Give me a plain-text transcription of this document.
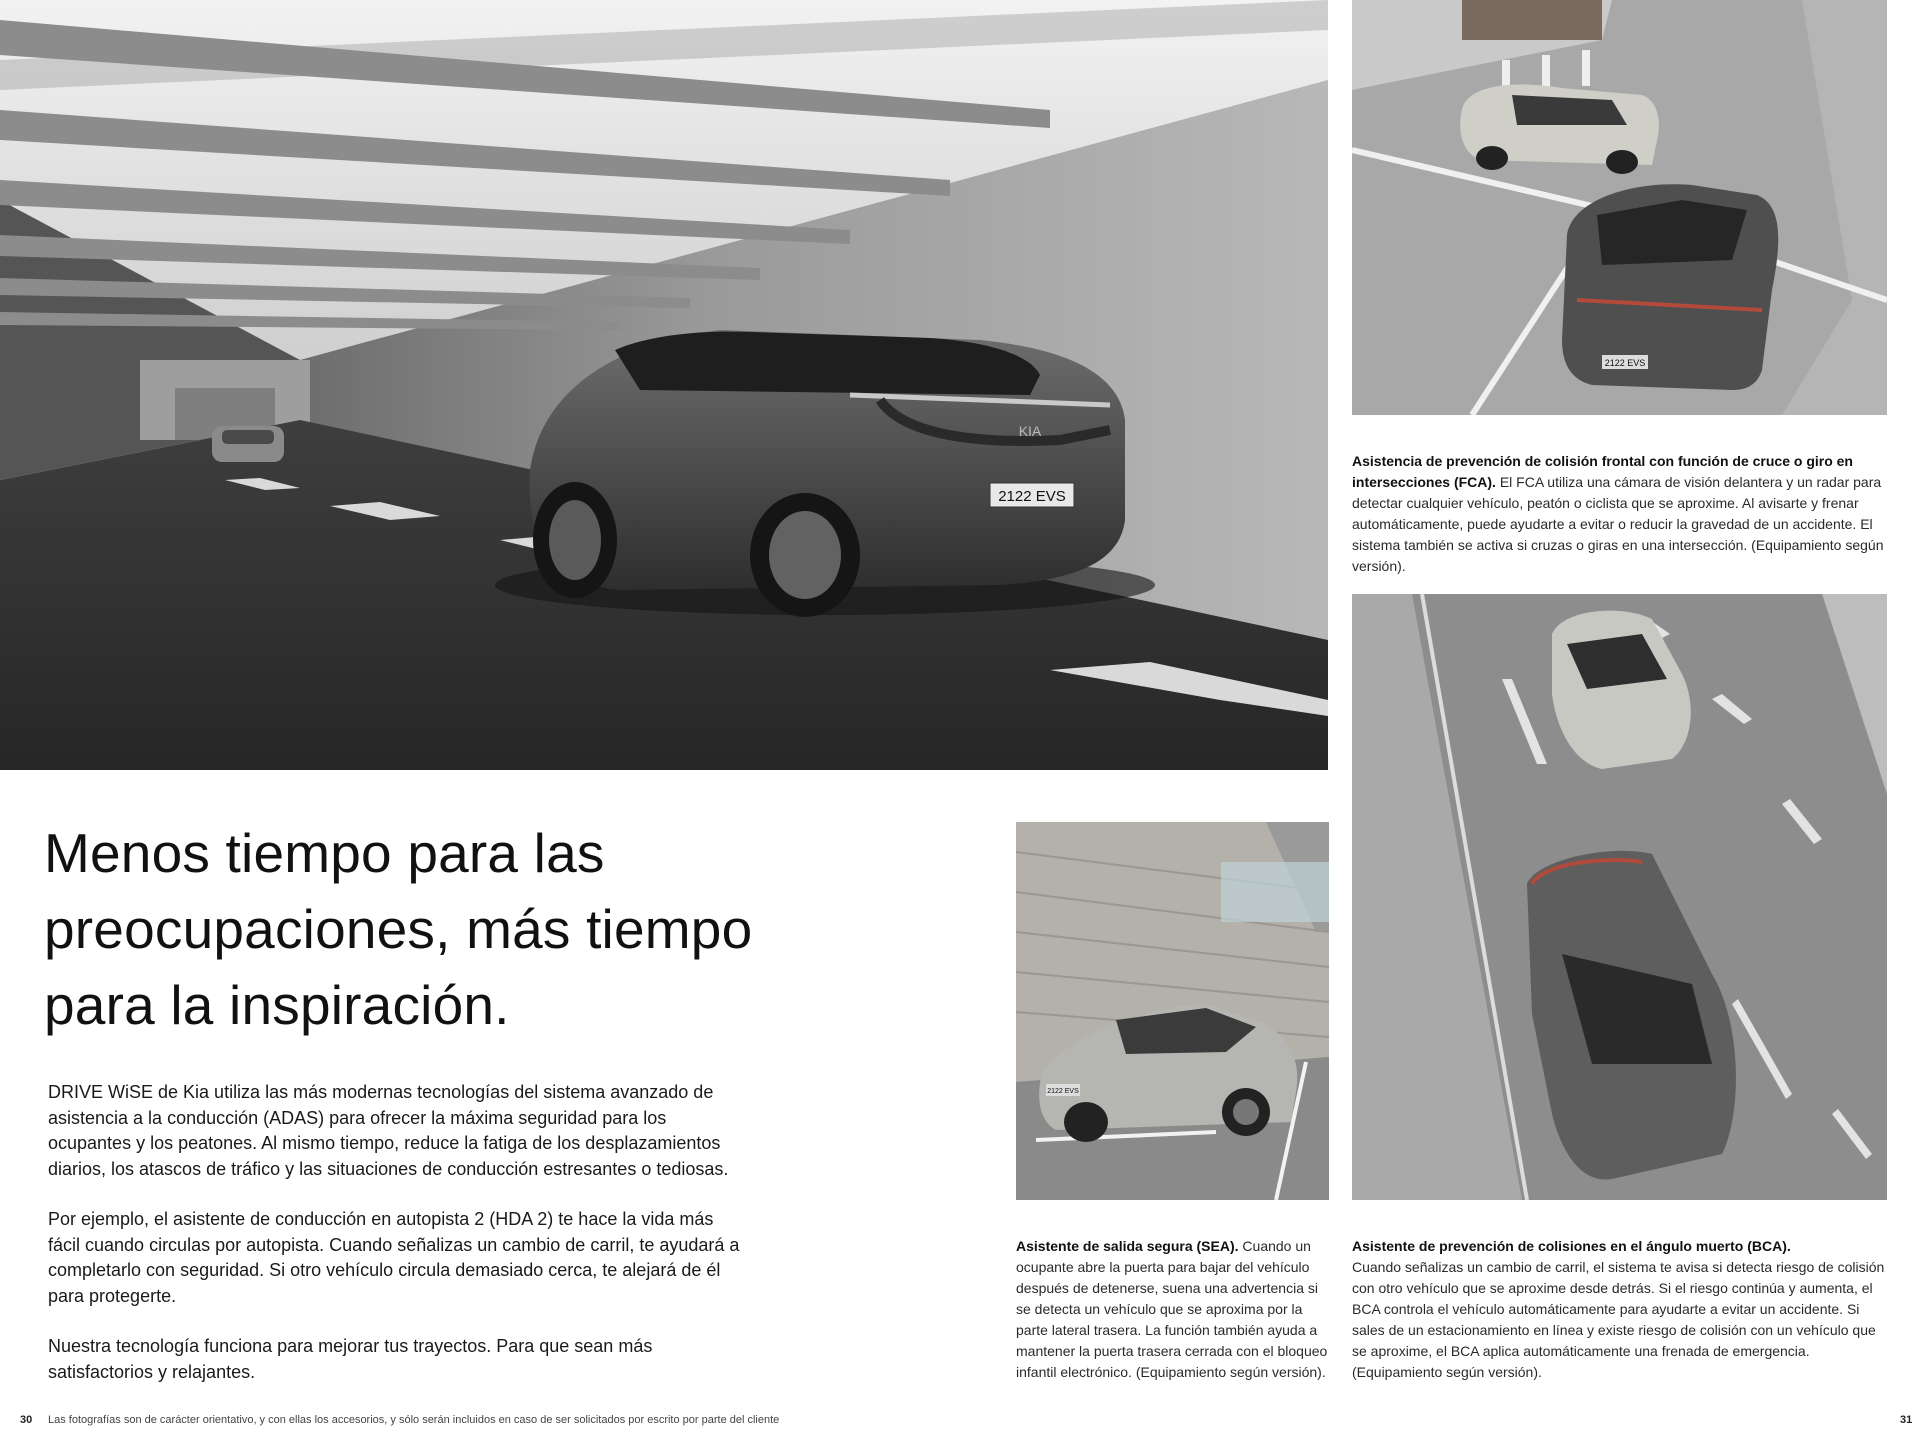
2122 EVS
KIA
2122 EVS
2122 EVS
Menos tiempo para las
preocupaciones, más tiempo
para la inspiración.

DRIVE WiSE de Kia utiliza las más modernas tecnologías del sistema avanzado de asistencia a la conducción (ADAS) para ofrecer la máxima seguridad para los ocupantes y los peatones. Al mismo tiempo, reduce la fatiga de los desplazamientos diarios, los atascos de tráfico y las situaciones de conducción estresantes o tediosas.

Por ejemplo, el asistente de conducción en autopista 2 (HDA 2) te hace la vida más fácil cuando circulas por autopista. Cuando señalizas un cambio de carril, te ayudará a completarlo con seguridad. Si otro vehículo circula demasiado cerca, te alejará de él para protegerte.

Nuestra tecnología funciona para mejorar tus trayectos. Para que sean más satisfactorios y relajantes.

Asistencia de prevención de colisión frontal con función de cruce o giro en intersecciones (FCA). El FCA utiliza una cámara de visión delantera y un radar para detectar cualquier vehículo, peatón o ciclista que se aproxime. Al avisarte y frenar automáticamente, puede ayudarte a evitar o reducir la gravedad de un accidente. El sistema también se activa si cruzas o giras en una intersección. (Equipamiento según versión).
Asistente de salida segura (SEA). Cuando un ocupante abre la puerta para bajar del vehículo después de detenerse, suena una advertencia si se detecta un vehículo que se aproxima por la parte lateral trasera. La función también ayuda a mantener la puerta trasera cerrada con el bloqueo infantil electrónico. (Equipamiento según versión).
Asistente de prevención de colisiones en el ángulo muerto (BCA).
Cuando señalizas un cambio de carril, el sistema te avisa si detecta riesgo de colisión con otro vehículo que se aproxime desde detrás. Si el riesgo continúa y aumenta, el BCA controla el vehículo automáticamente para ayudarte a evitar un accidente. Si sales de un estacionamiento en línea y existe riesgo de colisión con un vehículo que se aproxime, el BCA aplica automáticamente una frenada de emergencia. (Equipamiento según versión).
30 Las fotografías son de carácter orientativo, y con ellas los accesorios, y sólo serán incluidos en caso de ser solicitados por escrito por parte del cliente	31
